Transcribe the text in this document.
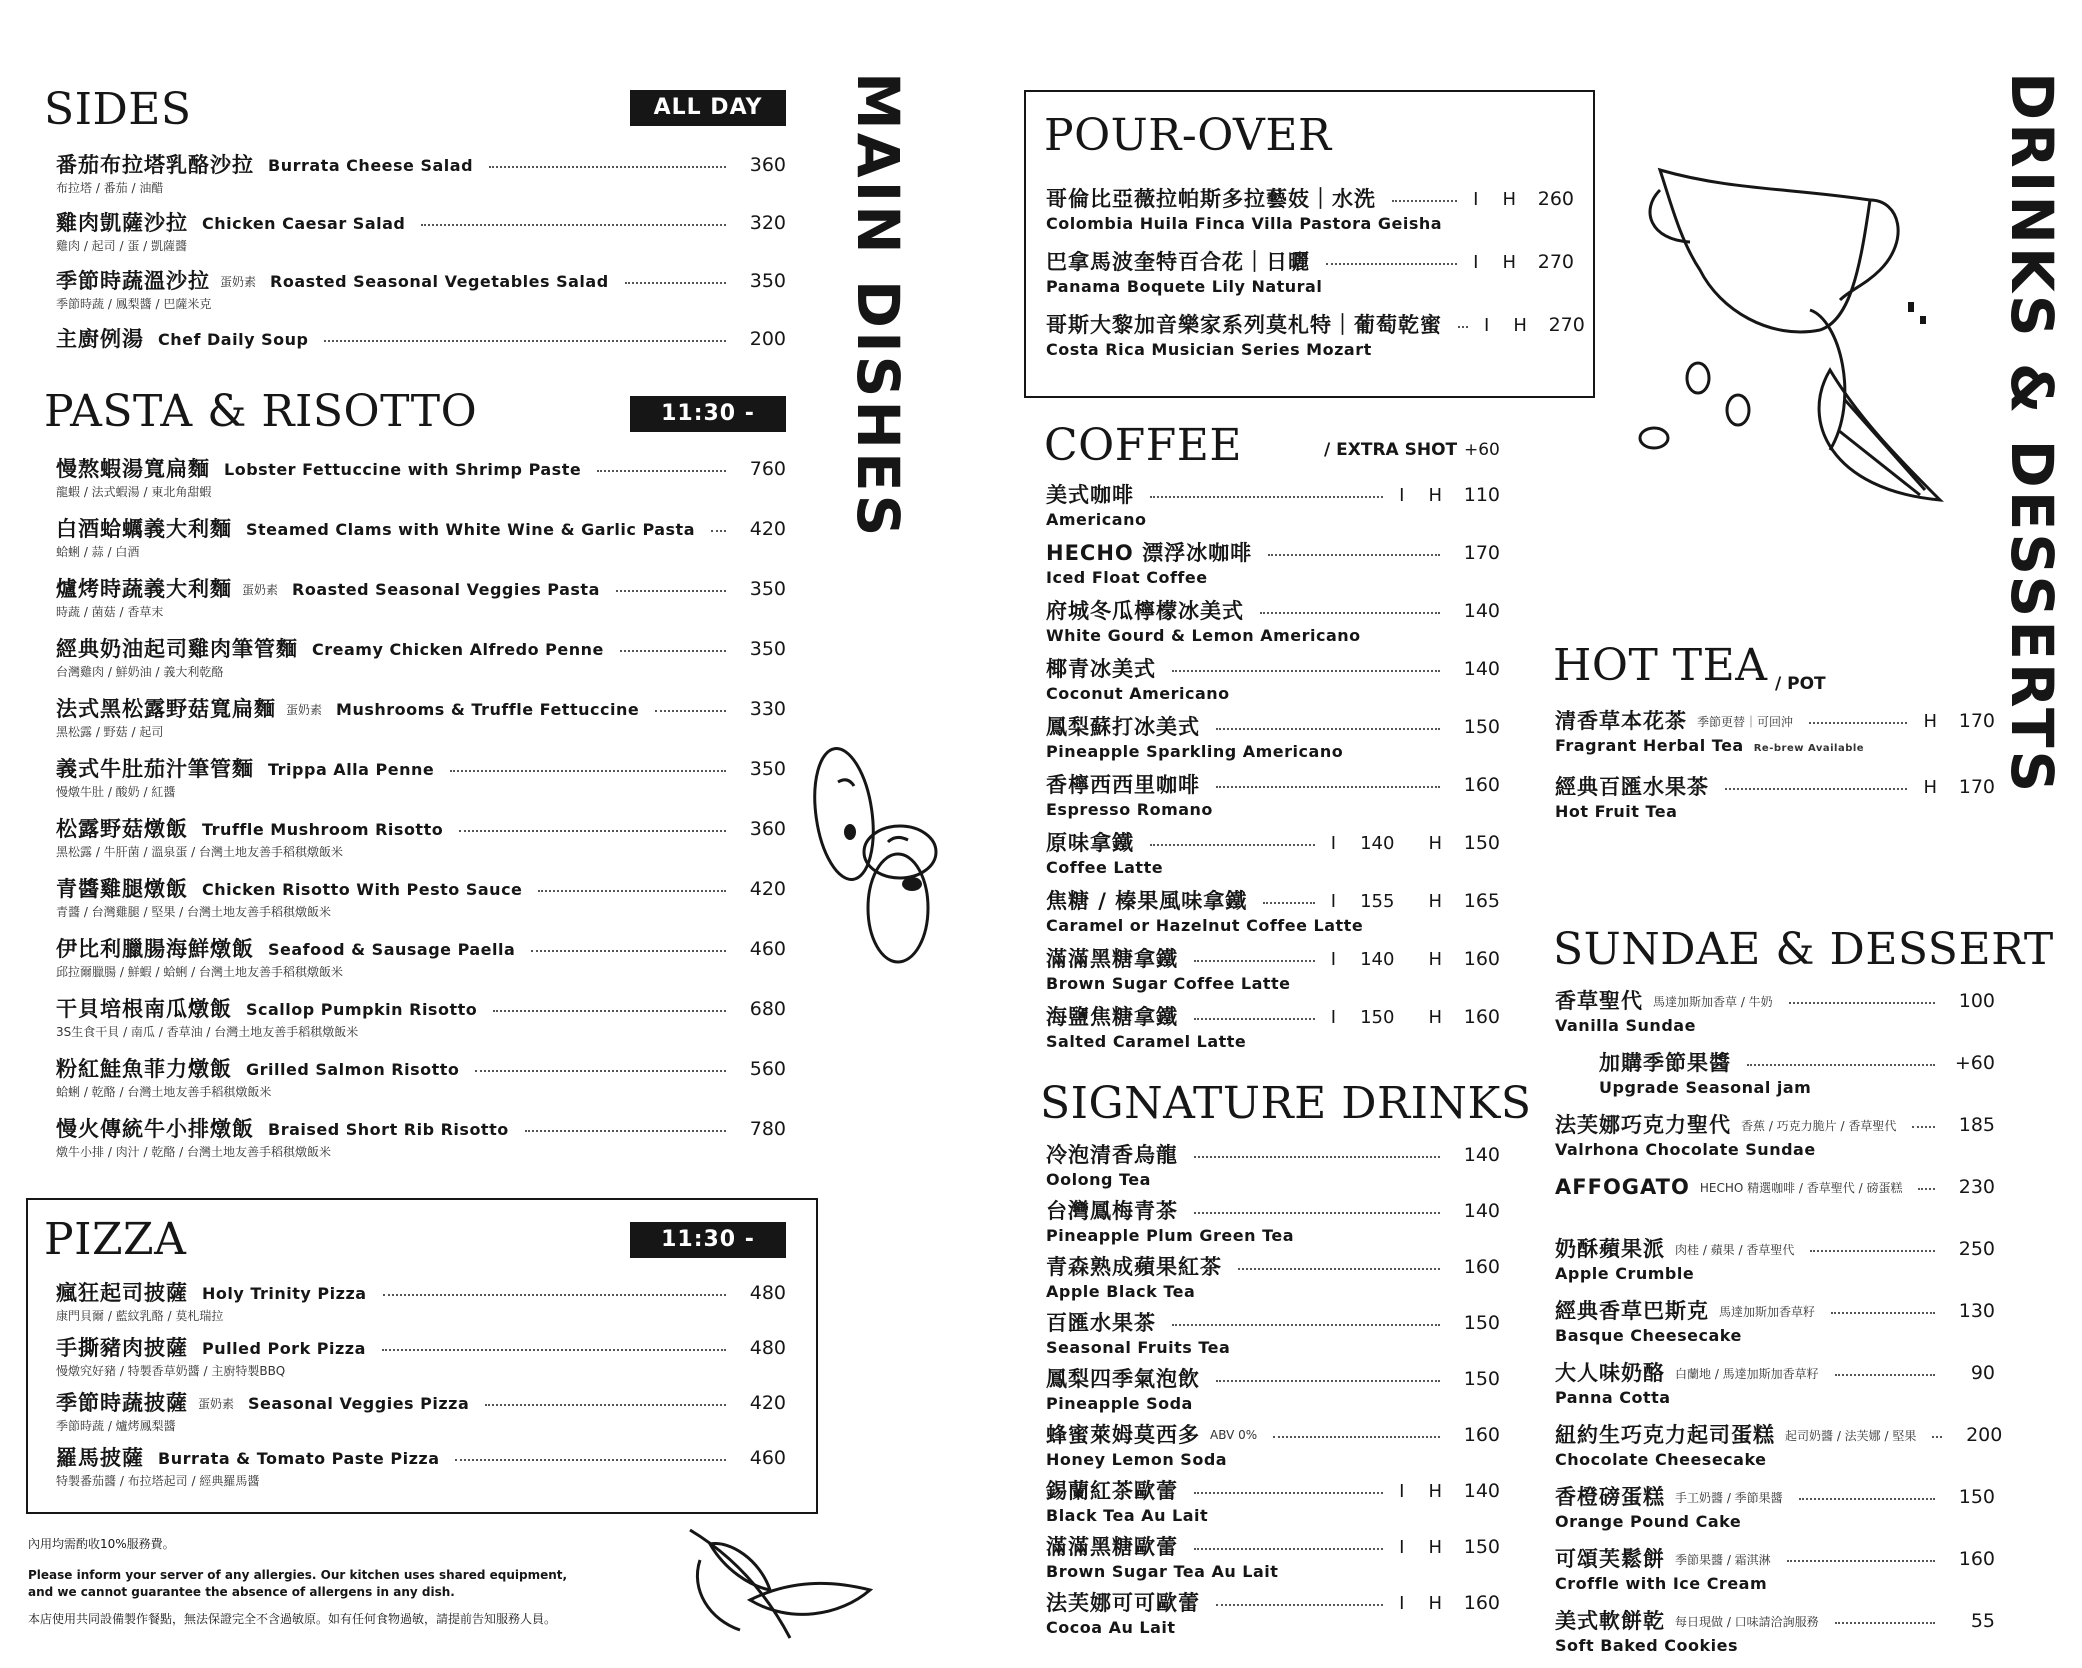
SIDES	ALL DAY
番茄布拉塔乳酪沙拉 Burrata Cheese Salad	360
布拉塔 / 番茄 / 油醋
雞肉凱薩沙拉 Chicken Caesar Salad	320
雞肉 / 起司 / 蛋 / 凱薩醬
季節時蔬溫沙拉 蛋奶素 Roasted Seasonal Vegetables Salad	350
季節時蔬 / 鳳梨醬 / 巴薩米克
主廚例湯 Chef Daily Soup	200
PASTA & RISOTTO	11:30 - 21:30
慢熬蝦湯寬扁麵 Lobster Fettuccine with Shrimp Paste	760
龍蝦 / 法式蝦湯 / 東北角甜蝦
白酒蛤蠣義大利麵 Steamed Clams with White Wine & Garlic Pasta	420
蛤蜊 / 蒜 / 白酒
爐烤時蔬義大利麵 蛋奶素 Roasted Seasonal Veggies Pasta	350
時蔬 / 菌菇 / 香草末
經典奶油起司雞肉筆管麵 Creamy Chicken Alfredo Penne	350
台灣雞肉 / 鮮奶油 / 義大利乾酪
法式黑松露野菇寬扁麵 蛋奶素 Mushrooms & Truffle Fettuccine	330
黑松露 / 野菇 / 起司
義式牛肚茄汁筆管麵 Trippa Alla Penne	350
慢燉牛肚 / 酸奶 / 紅醬
松露野菇燉飯 Truffle Mushroom Risotto	360
黑松露 / 牛肝菌 / 溫泉蛋 / 台灣土地友善手稻稘燉飯米
青醬雞腿燉飯 Chicken Risotto With Pesto Sauce	420
青醬 / 台灣雞腿 / 堅果 / 台灣土地友善手稻稘燉飯米
伊比利臘腸海鮮燉飯 Seafood & Sausage Paella	460
邱拉爾臘腸 / 鮮蝦 / 蛤蜊 / 台灣土地友善手稻稘燉飯米
干貝培根南瓜燉飯 Scallop Pumpkin Risotto	680
3S生食干貝 / 南瓜 / 香草油 / 台灣土地友善手稻稘燉飯米
粉紅鮭魚菲力燉飯 Grilled Salmon Risotto	560
蛤蜊 / 乾酪 / 台灣土地友善手稻稘燉飯米
慢火傳統牛小排燉飯 Braised Short Rib Risotto	780
燉牛小排 / 肉汁 / 乾酪 / 台灣土地友善手稻稘燉飯米
PIZZA	11:30 - 21:30
瘋狂起司披薩 Holy Trinity Pizza	480
康門貝爾 / 藍紋乳酪 / 莫札瑞拉
手撕豬肉披薩 Pulled Pork Pizza	480
慢燉究好豬 / 特製香草奶醬 / 主廚特製BBQ
季節時蔬披薩 蛋奶素 Seasonal Veggies Pizza	420
季節時蔬 / 爐烤鳳梨醬
羅馬披薩 Burrata & Tomato Paste Pizza	460
特製番茄醬 / 布拉塔起司 / 經典羅馬醬
內用均需酌收10%服務費。
Please inform your server of any allergies. Our kitchen uses shared equipment,
and we cannot guarantee the absence of allergens in any dish.
本店使用共同設備製作餐點，無法保證完全不含過敏原。如有任何食物過敏，請提前告知服務人員。
MAIN DISHES	POUR-OVER
哥倫比亞薇拉帕斯多拉藝妓｜水洗	I H	260
Colombia Huila Finca Villa Pastora Geisha
巴拿馬波奎特百合花｜日曬	I H	270
Panama Boquete Lily Natural
哥斯大黎加音樂家系列莫札特｜葡萄乾蜜 I H	270
Costa Rica Musician Series Mozart
COFFEE	/ EXTRA SHOT +60
美式咖啡	I H	110
Americano
HECHO 漂浮冰咖啡	170
Iced Float Coffee
府城冬瓜檸檬冰美式	140
White Gourd & Lemon Americano
椰青冰美式	140
Coconut Americano
鳳梨蘇打冰美式	150
Pineapple Sparkling Americano
香檸西西里咖啡	160
Espresso Romano
原味拿鐵	I 140 H	150
Coffee Latte
焦糖 / 榛果風味拿鐵	I 155 H	165
Caramel or Hazelnut Coffee Latte
滿滿黑糖拿鐵	I 140 H	160
Brown Sugar Coffee Latte
海鹽焦糖拿鐵	I 150 H	160
Salted Caramel Latte
SIGNATURE DRINKS
冷泡清香烏龍	140
Oolong Tea
台灣鳳梅青茶	140
Pineapple Plum Green Tea
青森熟成蘋果紅茶	160
Apple Black Tea
百匯水果茶	150
Seasonal Fruits Tea
鳳梨四季氣泡飲	150
Pineapple Soda
蜂蜜萊姆莫西多 ABV 0%	160
Honey Lemon Soda
錫蘭紅茶歐蕾	I H	140
Black Tea Au Lait
滿滿黑糖歐蕾	I H	150
Brown Sugar Tea Au Lait
法芙娜可可歐蕾	I H	160
Cocoa Au Lait
HOT TEA / POT
清香草本花茶 季節更替｜可回沖	H	170
Fragrant Herbal Tea Re-brew Available
經典百匯水果茶	H	170
Hot Fruit Tea
SUNDAE & DESSERT
香草聖代 馬達加斯加香草 / 牛奶	100
Vanilla Sundae
加購季節果醬	+60
Upgrade Seasonal jam
法芙娜巧克力聖代 香蕉 / 巧克力脆片 / 香草聖代	185
Valrhona Chocolate Sundae
AFFOGATO HECHO 精選咖啡 / 香草聖代 / 磅蛋糕	230
奶酥蘋果派 肉桂 / 蘋果 / 香草聖代	250
Apple Crumble
經典香草巴斯克 馬達加斯加香草籽	130
Basque Cheesecake
大人味奶酪 白蘭地 / 馬達加斯加香草籽	90
Panna Cotta
紐約生巧克力起司蛋糕 起司奶醬 / 法芙娜 / 堅果	200
Chocolate Cheesecake
香橙磅蛋糕 手工奶醬 / 季節果醬	150
Orange Pound Cake
可頌芙鬆餅 季節果醬 / 霜淇淋	160
Croffle with Ice Cream
美式軟餅乾 每日現做 / 口味請洽詢服務	55
Soft Baked Cookies
DRINKS & DESSERTS
